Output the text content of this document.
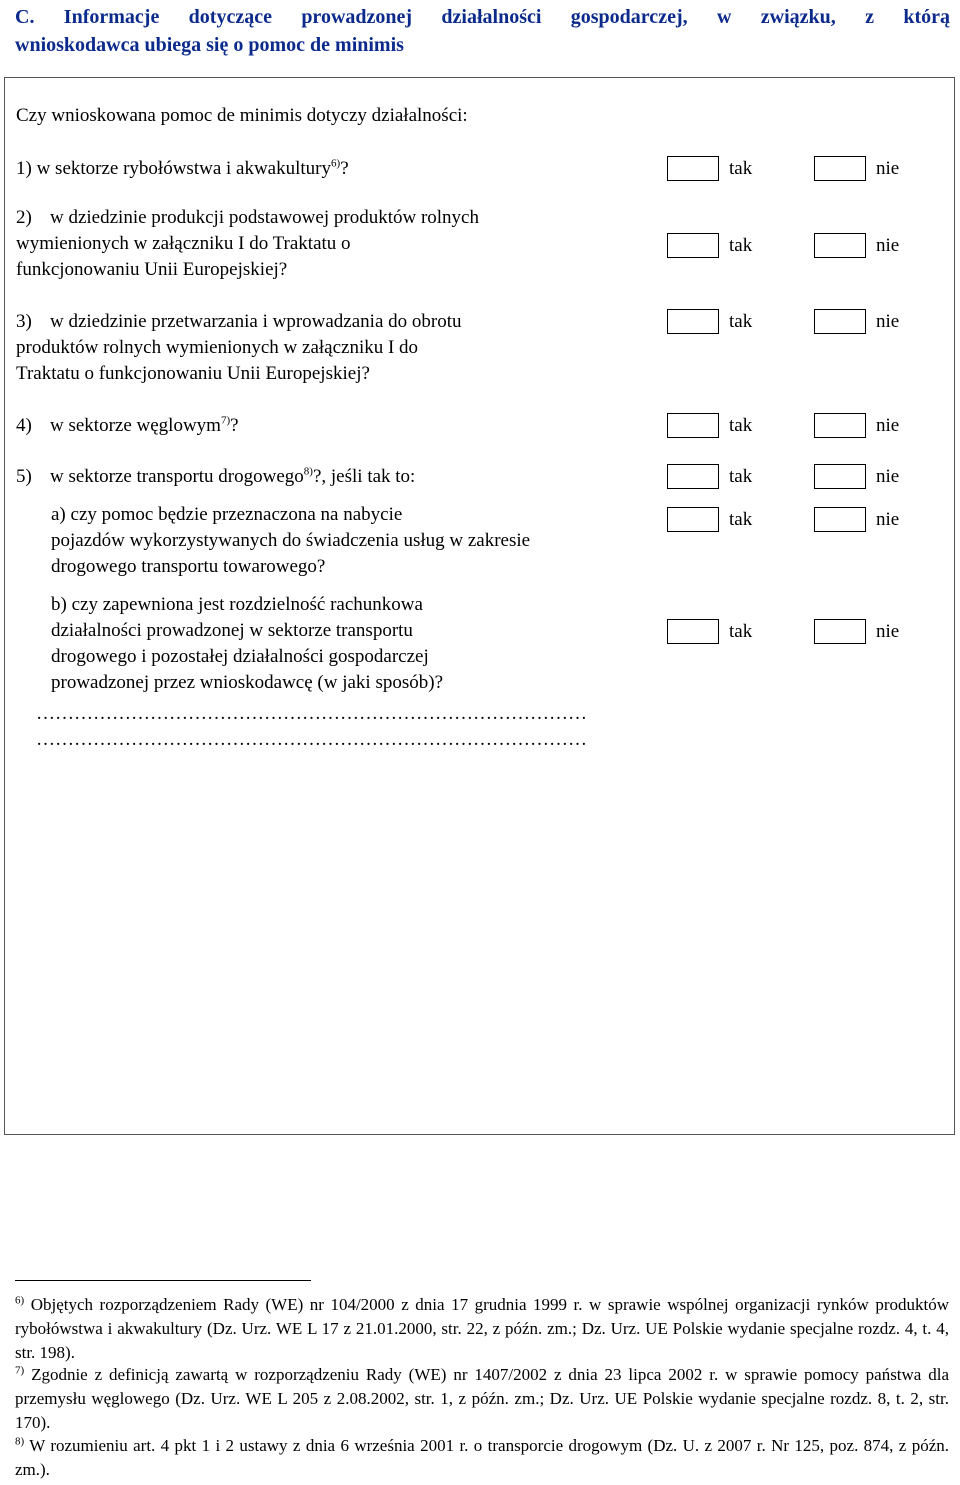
C. Informacje dotyczące prowadzonej działalności gospodarczej, w związku, z którą
wnioskodawca ubiega się o pomoc de minimis
Czy wnioskowana pomoc de minimis dotyczy działalności:
1) w sektorze rybołówstwa i akwakultury$^{6)}$?	tak	nie
2) w dziedzinie produkcji podstawowej produktów rolnych
wymienionych w załączniku I do Traktatu o
funkcjonowaniu Unii Europejskiej?
tak	nie
3) w dziedzinie przetwarzania i wprowadzania do obrotu
produktów rolnych wymienionych w załączniku I do
Traktatu o funkcjonowaniu Unii Europejskiej?
tak	nie
4) w sektorze węglowym$^{7)}$?	tak	nie
5) w sektorze transportu drogowego$^{8)}$?, jeśli tak to:	tak	nie
a) czy pomoc będzie przeznaczona na nabycie
pojazdów wykorzystywanych do świadczenia usług w zakresie
drogowego transportu towarowego?
tak	nie
b) czy zapewniona jest rozdzielność rachunkowa
działalności prowadzonej w sektorze transportu
drogowego i pozostałej działalności gospodarczej
prowadzonej przez wnioskodawcę (w jaki sposób)?
tak	nie
……………………………………………………………………………
……………………………………………………………………………
$^{6)}$ Objętych rozporządzeniem Rady (WE) nr 104/2000 z dnia 17 grudnia 1999 r. w sprawie wspólnej organizacji rynków produktów rybołówstwa i akwakultury (Dz. Urz. WE L 17 z 21.01.2000, str. 22, z późn. zm.; Dz. Urz. UE Polskie wydanie specjalne rozdz. 4, t. 4, str. 198).
$^{7)}$ Zgodnie z definicją zawartą w rozporządzeniu Rady (WE) nr 1407/2002 z dnia 23 lipca 2002 r. w sprawie pomocy państwa dla przemysłu węglowego (Dz. Urz. WE L 205 z 2.08.2002, str. 1, z późn. zm.; Dz. Urz. UE Polskie wydanie specjalne rozdz. 8, t. 2, str. 170).
$^{8)}$ W rozumieniu art. 4 pkt 1 i 2 ustawy z dnia 6 września 2001 r. o transporcie drogowym (Dz. U. z 2007 r. Nr 125, poz. 874, z późn. zm.).
